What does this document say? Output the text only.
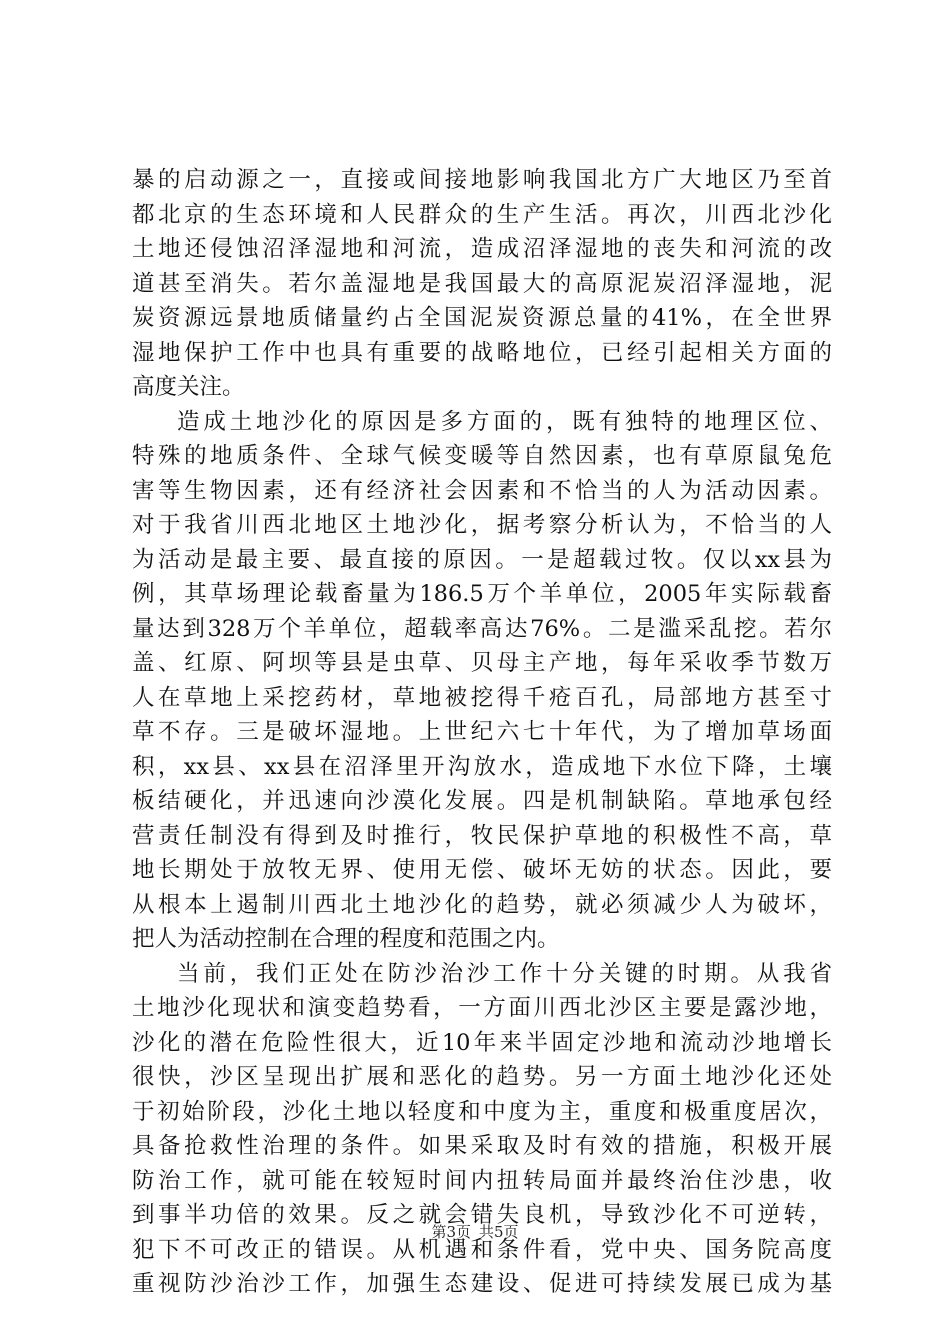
暴的启动源之一，直接或间接地影响我国北方广大地区乃至首
都北京的生态环境和人民群众的生产生活。再次，川西北沙化
土地还侵蚀沼泽湿地和河流，造成沼泽湿地的丧失和河流的改
道甚至消失。若尔盖湿地是我国最大的高原泥炭沼泽湿地，泥
炭资源远景地质储量约占全国泥炭资源总量的41%，在全世界
湿地保护工作中也具有重要的战略地位，已经引起相关方面的
高度关注。
造成土地沙化的原因是多方面的，既有独特的地理区位、
特殊的地质条件、全球气候变暖等自然因素，也有草原鼠兔危
害等生物因素，还有经济社会因素和不恰当的人为活动因素。
对于我省川西北地区土地沙化，据考察分析认为，不恰当的人
为活动是最主要、最直接的原因。一是超载过牧。仅以xx县为
例，其草场理论载畜量为186.5万个羊单位，2005年实际载畜
量达到328万个羊单位，超载率高达76%。二是滥采乱挖。若尔
盖、红原、阿坝等县是虫草、贝母主产地，每年采收季节数万
人在草地上采挖药材，草地被挖得千疮百孔，局部地方甚至寸
草不存。三是破坏湿地。上世纪六七十年代，为了增加草场面
积，xx县、xx县在沼泽里开沟放水，造成地下水位下降，土壤
板结硬化，并迅速向沙漠化发展。四是机制缺陷。草地承包经
营责任制没有得到及时推行，牧民保护草地的积极性不高，草
地长期处于放牧无界、使用无偿、破坏无妨的状态。因此，要
从根本上遏制川西北土地沙化的趋势，就必须减少人为破坏，
把人为活动控制在合理的程度和范围之内。
当前，我们正处在防沙治沙工作十分关键的时期。从我省
土地沙化现状和演变趋势看，一方面川西北沙区主要是露沙地，
沙化的潜在危险性很大，近10年来半固定沙地和流动沙地增长
很快，沙区呈现出扩展和恶化的趋势。另一方面土地沙化还处
于初始阶段，沙化土地以轻度和中度为主，重度和极重度居次，
具备抢救性治理的条件。如果采取及时有效的措施，积极开展
防治工作，就可能在较短时间内扭转局面并最终治住沙患，收
到事半功倍的效果。反之就会错失良机，导致沙化不可逆转，
犯下不可改正的错误。从机遇和条件看，党中央、国务院高度
重视防沙治沙工作，加强生态建设、促进可持续发展已成为基
第3页 共5页
